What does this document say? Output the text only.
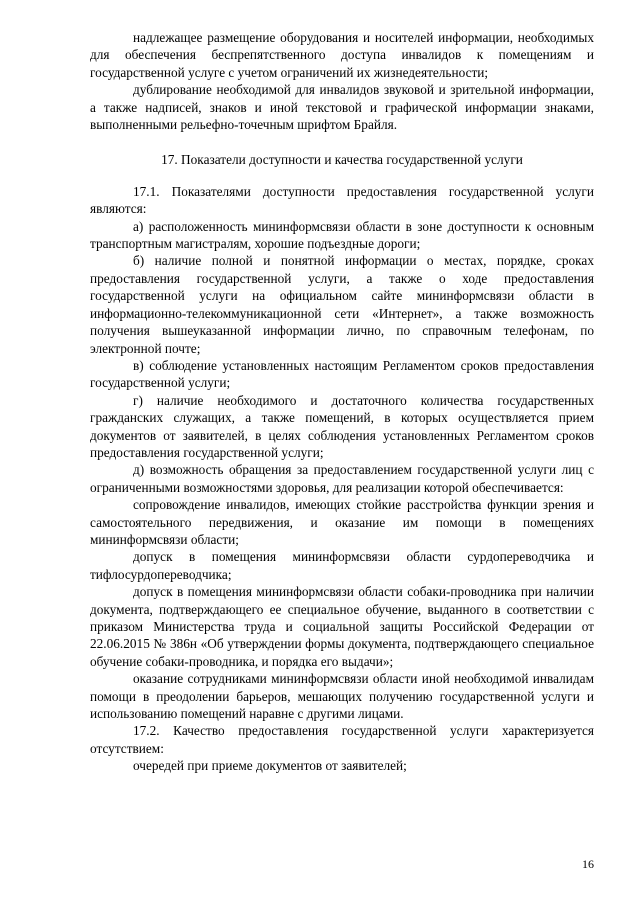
надлежащее размещение оборудования и носителей информации, необходимых для обеспечения беспрепятственного доступа инвалидов к помещениям и государственной услуге с учетом ограничений их жизнедеятельности;

дублирование необходимой для инвалидов звуковой и зрительной информации, а также надписей, знаков и иной текстовой и графической информации знаками, выполненными рельефно-точечным шрифтом Брайля.

17. Показатели доступности и качества государственной услуги

17.1. Показателями доступности предоставления государственной услуги являются:

а) расположенность мининформсвязи области в зоне доступности к основным транспортным магистралям, хорошие подъездные дороги;

б) наличие полной и понятной информации о местах, порядке, сроках предоставления государственной услуги, а также о ходе предоставления государственной услуги на официальном сайте мининформсвязи области в информационно-телекоммуникационной сети «Интернет», а также возможность получения вышеуказанной информации лично, по справочным телефонам, по электронной почте;

в) соблюдение установленных настоящим Регламентом сроков предоставления государственной услуги;

г) наличие необходимого и достаточного количества государственных гражданских служащих, а также помещений, в которых осуществляется прием документов от заявителей, в целях соблюдения установленных Регламентом сроков предоставления государственной услуги;

д) возможность обращения за предоставлением государственной услуги лиц с ограниченными возможностями здоровья, для реализации которой обеспечивается:

сопровождение инвалидов, имеющих стойкие расстройства функции зрения и самостоятельного передвижения, и оказание им помощи в помещениях мининформсвязи области;

допуск в помещения мининформсвязи области сурдопереводчика и тифлосурдопереводчика;

допуск в помещения мининформсвязи области собаки-проводника при наличии документа, подтверждающего ее специальное обучение, выданного в соответствии с приказом Министерства труда и социальной защиты Российской Федерации от 22.06.2015 № 386н «Об утверждении формы документа, подтверждающего специальное обучение собаки-проводника, и порядка его выдачи»;

оказание сотрудниками мининформсвязи области иной необходимой инвалидам помощи в преодолении барьеров, мешающих получению государственной услуги и использованию помещений наравне с другими лицами.

17.2. Качество предоставления государственной услуги характеризуется отсутствием:

очередей при приеме документов от заявителей;

16
